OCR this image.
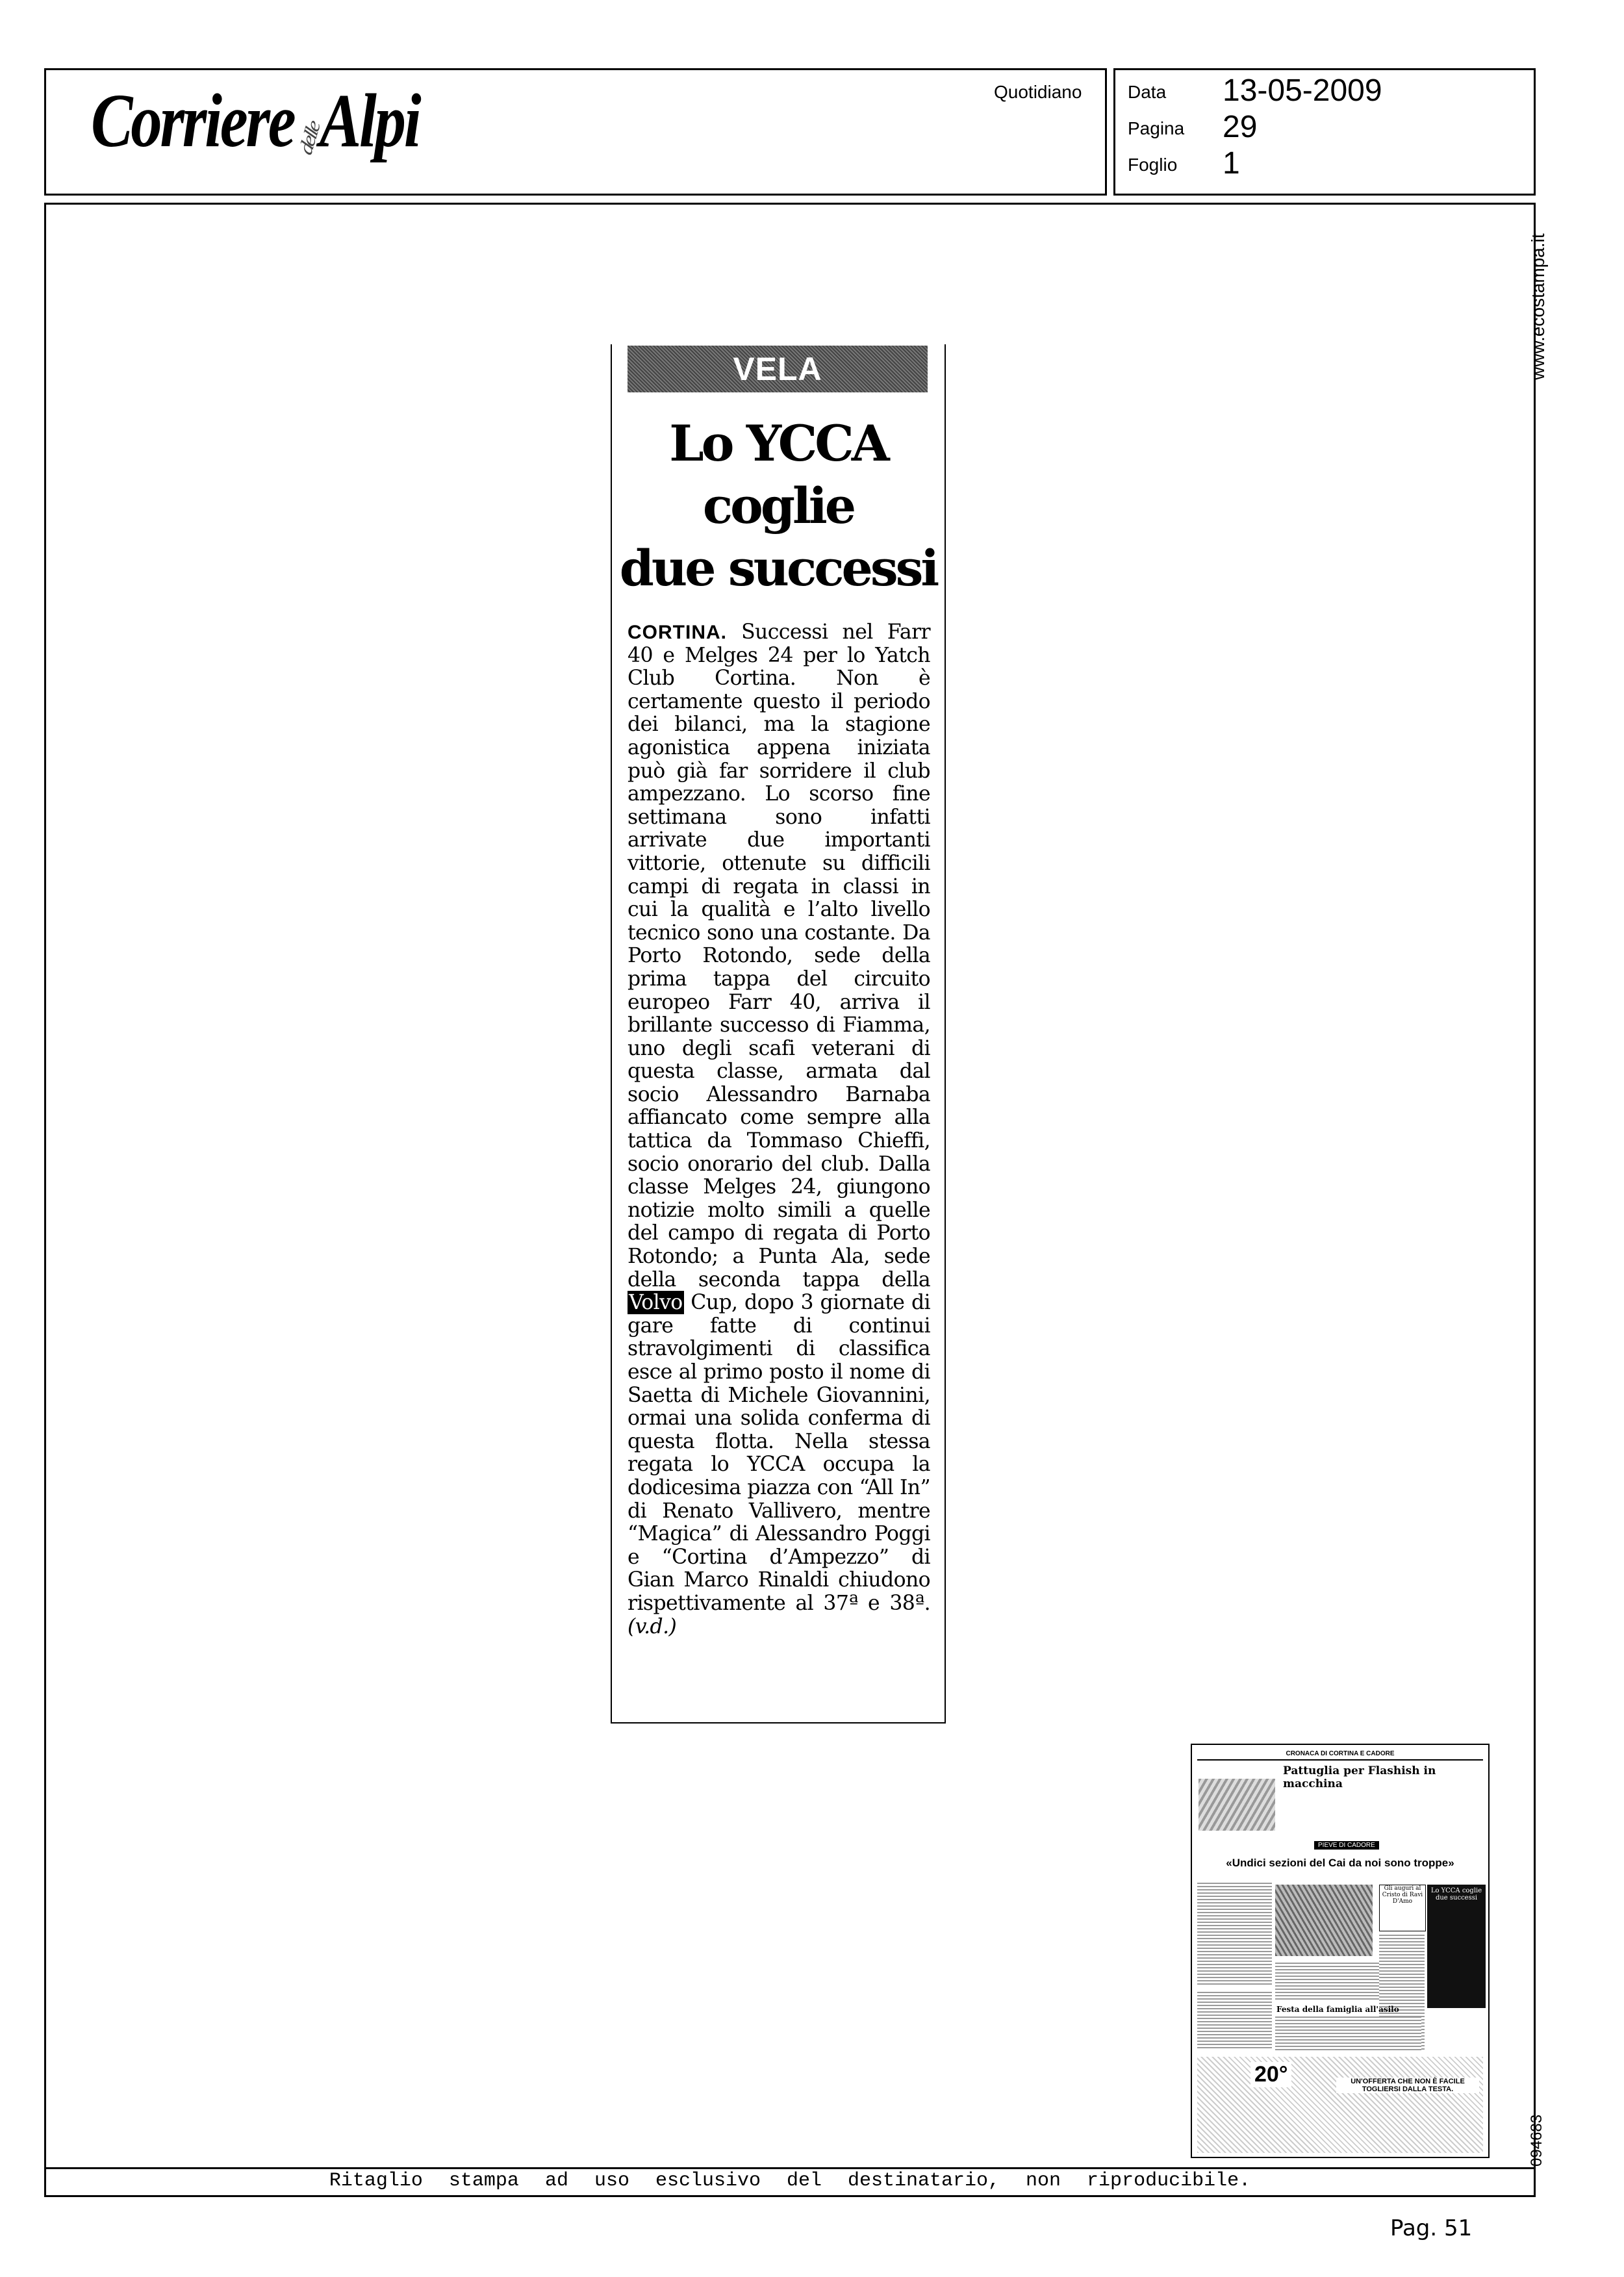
CorrieredelleAlpi	Quotidiano	Data 13-05-2009
Pagina 29
Foglio 1
www.ecostampa.it
094683
VELA
Lo YCCA
coglie
due successi
CORTINA. Successi nel Farr 40 e Melges 24 per lo Yatch Club Cortina. Non è certamente questo il periodo dei bilanci, ma la stagione agonistica appena iniziata può già far sorridere il club ampezzano. Lo scorso fine settimana sono infatti arrivate due importanti vittorie, ottenute su difficili campi di regata in classi in cui la qualità e l’alto livello tecnico sono una costante. Da Porto Rotondo, sede della prima tappa del circuito europeo Farr 40, arriva il brillante successo di Fiamma, uno degli scafi veterani di questa classe, armata dal socio Alessandro Barnaba affiancato come sempre alla tattica da Tommaso Chieffi, socio onorario del club. Dalla classe Melges 24, giungono notizie molto simili a quelle del campo di regata di Porto Rotondo; a Punta Ala, sede della seconda tappa della Volvo Cup, dopo 3 giornate di gare fatte di continui stravolgimenti di classifica esce al primo posto il nome di Saetta di Michele Giovannini, ormai una solida conferma di questa flotta. Nella stessa regata lo YCCA occupa la dodicesima piazza con “All In” di Renato Vallivero, mentre “Magica” di Alessandro Poggi e “Cortina d’Ampezzo” di Gian Marco Rinaldi chiudono rispettivamente al 37ª e 38ª. (v.d.)
CRONACA DI CORTINA E CADORE
Pattuglia per Flashish in macchina
PIEVE DI CADORE
«Undici sezioni del Cai da noi sono troppe»
Gli auguri al Cristo di Ravi D'Amo
Lo YCCA coglie due successi
Festa della famiglia all'asilo
20°	UN'OFFERTA CHE NON È FACILE TOGLIERSI DALLA TESTA.
Ritaglio stampa ad uso esclusivo del destinatario, non riproducibile.
Pag. 51
